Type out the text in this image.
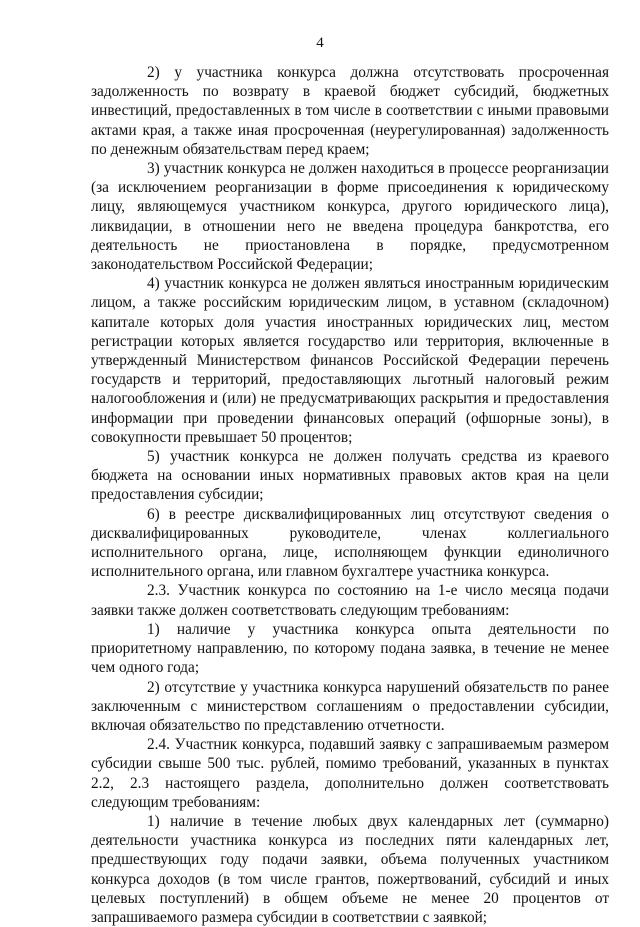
4

2) у участника конкурса должна отсутствовать просроченная задолженность по возврату в краевой бюджет субсидий, бюджетных инвестиций, предоставленных в том числе в соответствии с иными правовыми актами края, а также иная просроченная (неурегулированная) задолженность по денежным обязательствам перед краем;

3) участник конкурса не должен находиться в процессе реорганизации (за исключением реорганизации в форме присоединения к юридическому лицу, являющемуся участником конкурса, другого юридического лица), ликвидации, в отношении него не введена процедура банкротства, его деятельность не приостановлена в порядке, предусмотренном законодательством Российской Федерации;

4) участник конкурса не должен являться иностранным юридическим лицом, а также российским юридическим лицом, в уставном (складочном) капитале которых доля участия иностранных юридических лиц, местом регистрации которых является государство или территория, включенные в утвержденный Министерством финансов Российской Федерации перечень государств и территорий, предоставляющих льготный налоговый режим налогообложения и (или) не предусматривающих раскрытия и предоставления информации при проведении финансовых операций (офшорные зоны), в совокупности превышает 50 процентов;

5) участник конкурса не должен получать средства из краевого бюджета на основании иных нормативных правовых актов края на цели предоставления субсидии;

6) в реестре дисквалифицированных лиц отсутствуют сведения о дисквалифицированных руководителе, членах коллегиального исполнительного органа, лице, исполняющем функции единоличного исполнительного органа, или главном бухгалтере участника конкурса.

2.3. Участник конкурса по состоянию на 1-е число месяца подачи заявки также должен соответствовать следующим требованиям:

1) наличие у участника конкурса опыта деятельности по приоритетному направлению, по которому подана заявка, в течение не менее чем одного года;

2) отсутствие у участника конкурса нарушений обязательств по ранее заключенным с министерством соглашениям о предоставлении субсидии, включая обязательство по представлению отчетности.

2.4. Участник конкурса, подавший заявку с запрашиваемым размером субсидии свыше 500 тыс. рублей, помимо требований, указанных в пунктах 2.2, 2.3 настоящего раздела, дополнительно должен соответствовать следующим требованиям:

1) наличие в течение любых двух календарных лет (суммарно) деятельности участника конкурса из последних пяти календарных лет, предшествующих году подачи заявки, объема полученных участником конкурса доходов (в том числе грантов, пожертвований, субсидий и иных целевых поступлений) в общем объеме не менее 20 процентов от запрашиваемого размера субсидии в соответствии с заявкой;
